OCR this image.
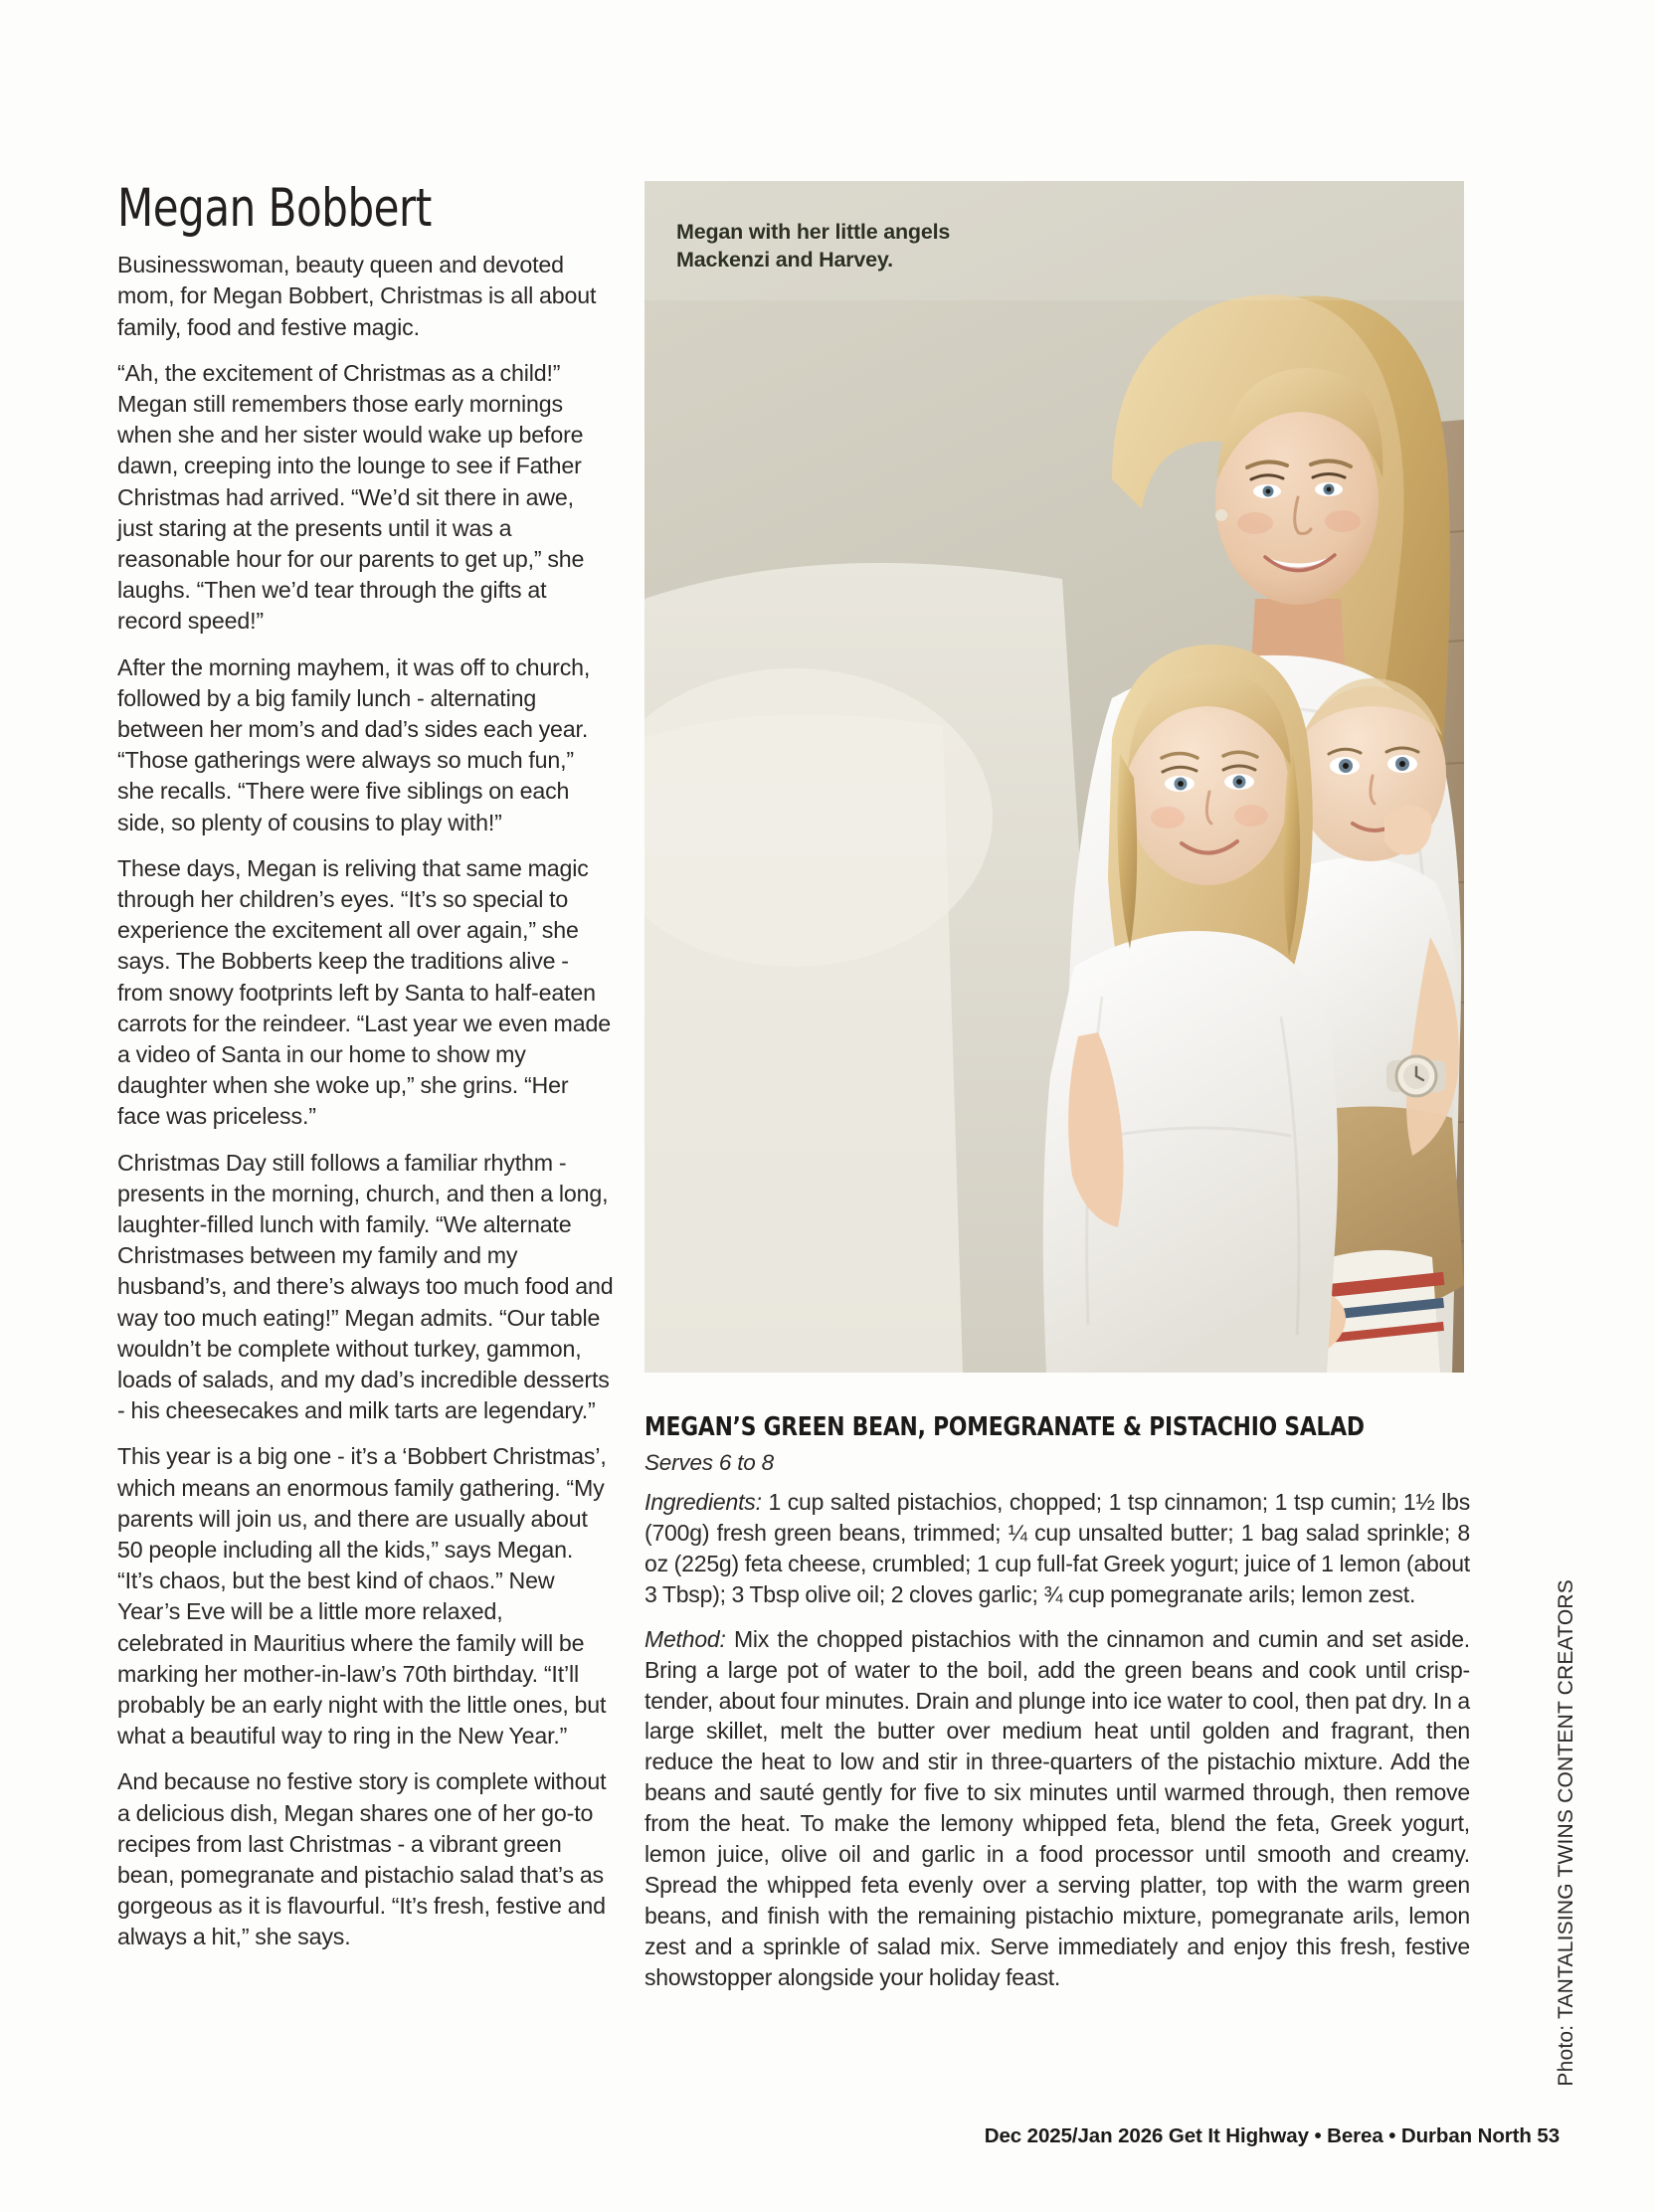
Megan Bobbert

Businesswoman, beauty queen and devoted mom, for Megan Bobbert, Christmas is all about family, food and festive magic.

“Ah, the excitement of Christmas as a child!” Megan still remembers those early mornings when she and her sister would wake up before dawn, creeping into the lounge to see if Father Christmas had arrived. “We’d sit there in awe, just staring at the presents until it was a reasonable hour for our parents to get up,” she laughs. “Then we’d tear through the gifts at record speed!”

After the morning mayhem, it was off to church, followed by a big family lunch - alternating between her mom’s and dad’s sides each year. “Those gatherings were always so much fun,” she recalls. “There were five siblings on each side, so plenty of cousins to play with!”

These days, Megan is reliving that same magic through her children’s eyes. “It’s so special to experience the excitement all over again,” she says. The Bobberts keep the traditions alive - from snowy footprints left by Santa to half-eaten carrots for the reindeer. “Last year we even made a video of Santa in our home to show my daughter when she woke up,” she grins. “Her face was priceless.”

Christmas Day still follows a familiar rhythm - presents in the morning, church, and then a long, laughter-filled lunch with family. “We alternate Christmases between my family and my husband’s, and there’s always too much food and way too much eating!” Megan admits. “Our table wouldn’t be complete without turkey, gammon, loads of salads, and my dad’s incredible desserts - his cheesecakes and milk tarts are legendary.”

This year is a big one - it’s a ‘Bobbert Christmas’, which means an enormous family gathering. “My parents will join us, and there are usually about 50 people including all the kids,” says Megan. “It’s chaos, but the best kind of chaos.” New Year’s Eve will be a little more relaxed, celebrated in Mauritius where the family will be marking her mother-in-law’s 70th birthday. “It’ll probably be an early night with the little ones, but what a beautiful way to ring in the New Year.”

And because no festive story is complete without a delicious dish, Megan shares one of her go-to recipes from last Christmas - a vibrant green bean, pomegranate and pistachio salad that’s as gorgeous as it is flavourful. “It’s fresh, festive and always a hit,” she says.

Megan with her little angels Mackenzi and Harvey.
MEGAN’S GREEN BEAN, POMEGRANATE & PISTACHIO SALAD
Serves 6 to 8

Ingredients: 1 cup salted pistachios, chopped; 1 tsp cinnamon; 1 tsp cumin; 1½ lbs (700g) fresh green beans, trimmed; ¼ cup unsalted butter; 1 bag salad sprinkle; 8 oz (225g) feta cheese, crumbled; 1 cup full-fat Greek yogurt; juice of 1 lemon (about 3 Tbsp); 3 Tbsp olive oil; 2 cloves garlic; ¾ cup pomegranate arils; lemon zest.

Method: Mix the chopped pistachios with the cinnamon and cumin and set aside. Bring a large pot of water to the boil, add the green beans and cook until crisp-tender, about four minutes. Drain and plunge into ice water to cool, then pat dry. In a large skillet, melt the butter over medium heat until golden and fragrant, then reduce the heat to low and stir in three-quarters of the pistachio mixture. Add the beans and sauté gently for five to six minutes until warmed through, then remove from the heat. To make the lemony whipped feta, blend the feta, Greek yogurt, lemon juice, olive oil and garlic in a food processor until smooth and creamy. Spread the whipped feta evenly over a serving platter, top with the warm green beans, and finish with the remaining pistachio mixture, pomegranate arils, lemon zest and a sprinkle of salad mix. Serve immediately and enjoy this fresh, festive showstopper alongside your holiday feast.	Photo: TANTALISING TWINS CONTENT CREATORS
Dec 2025/Jan 2026 Get It Highway • Berea • Durban North 53
